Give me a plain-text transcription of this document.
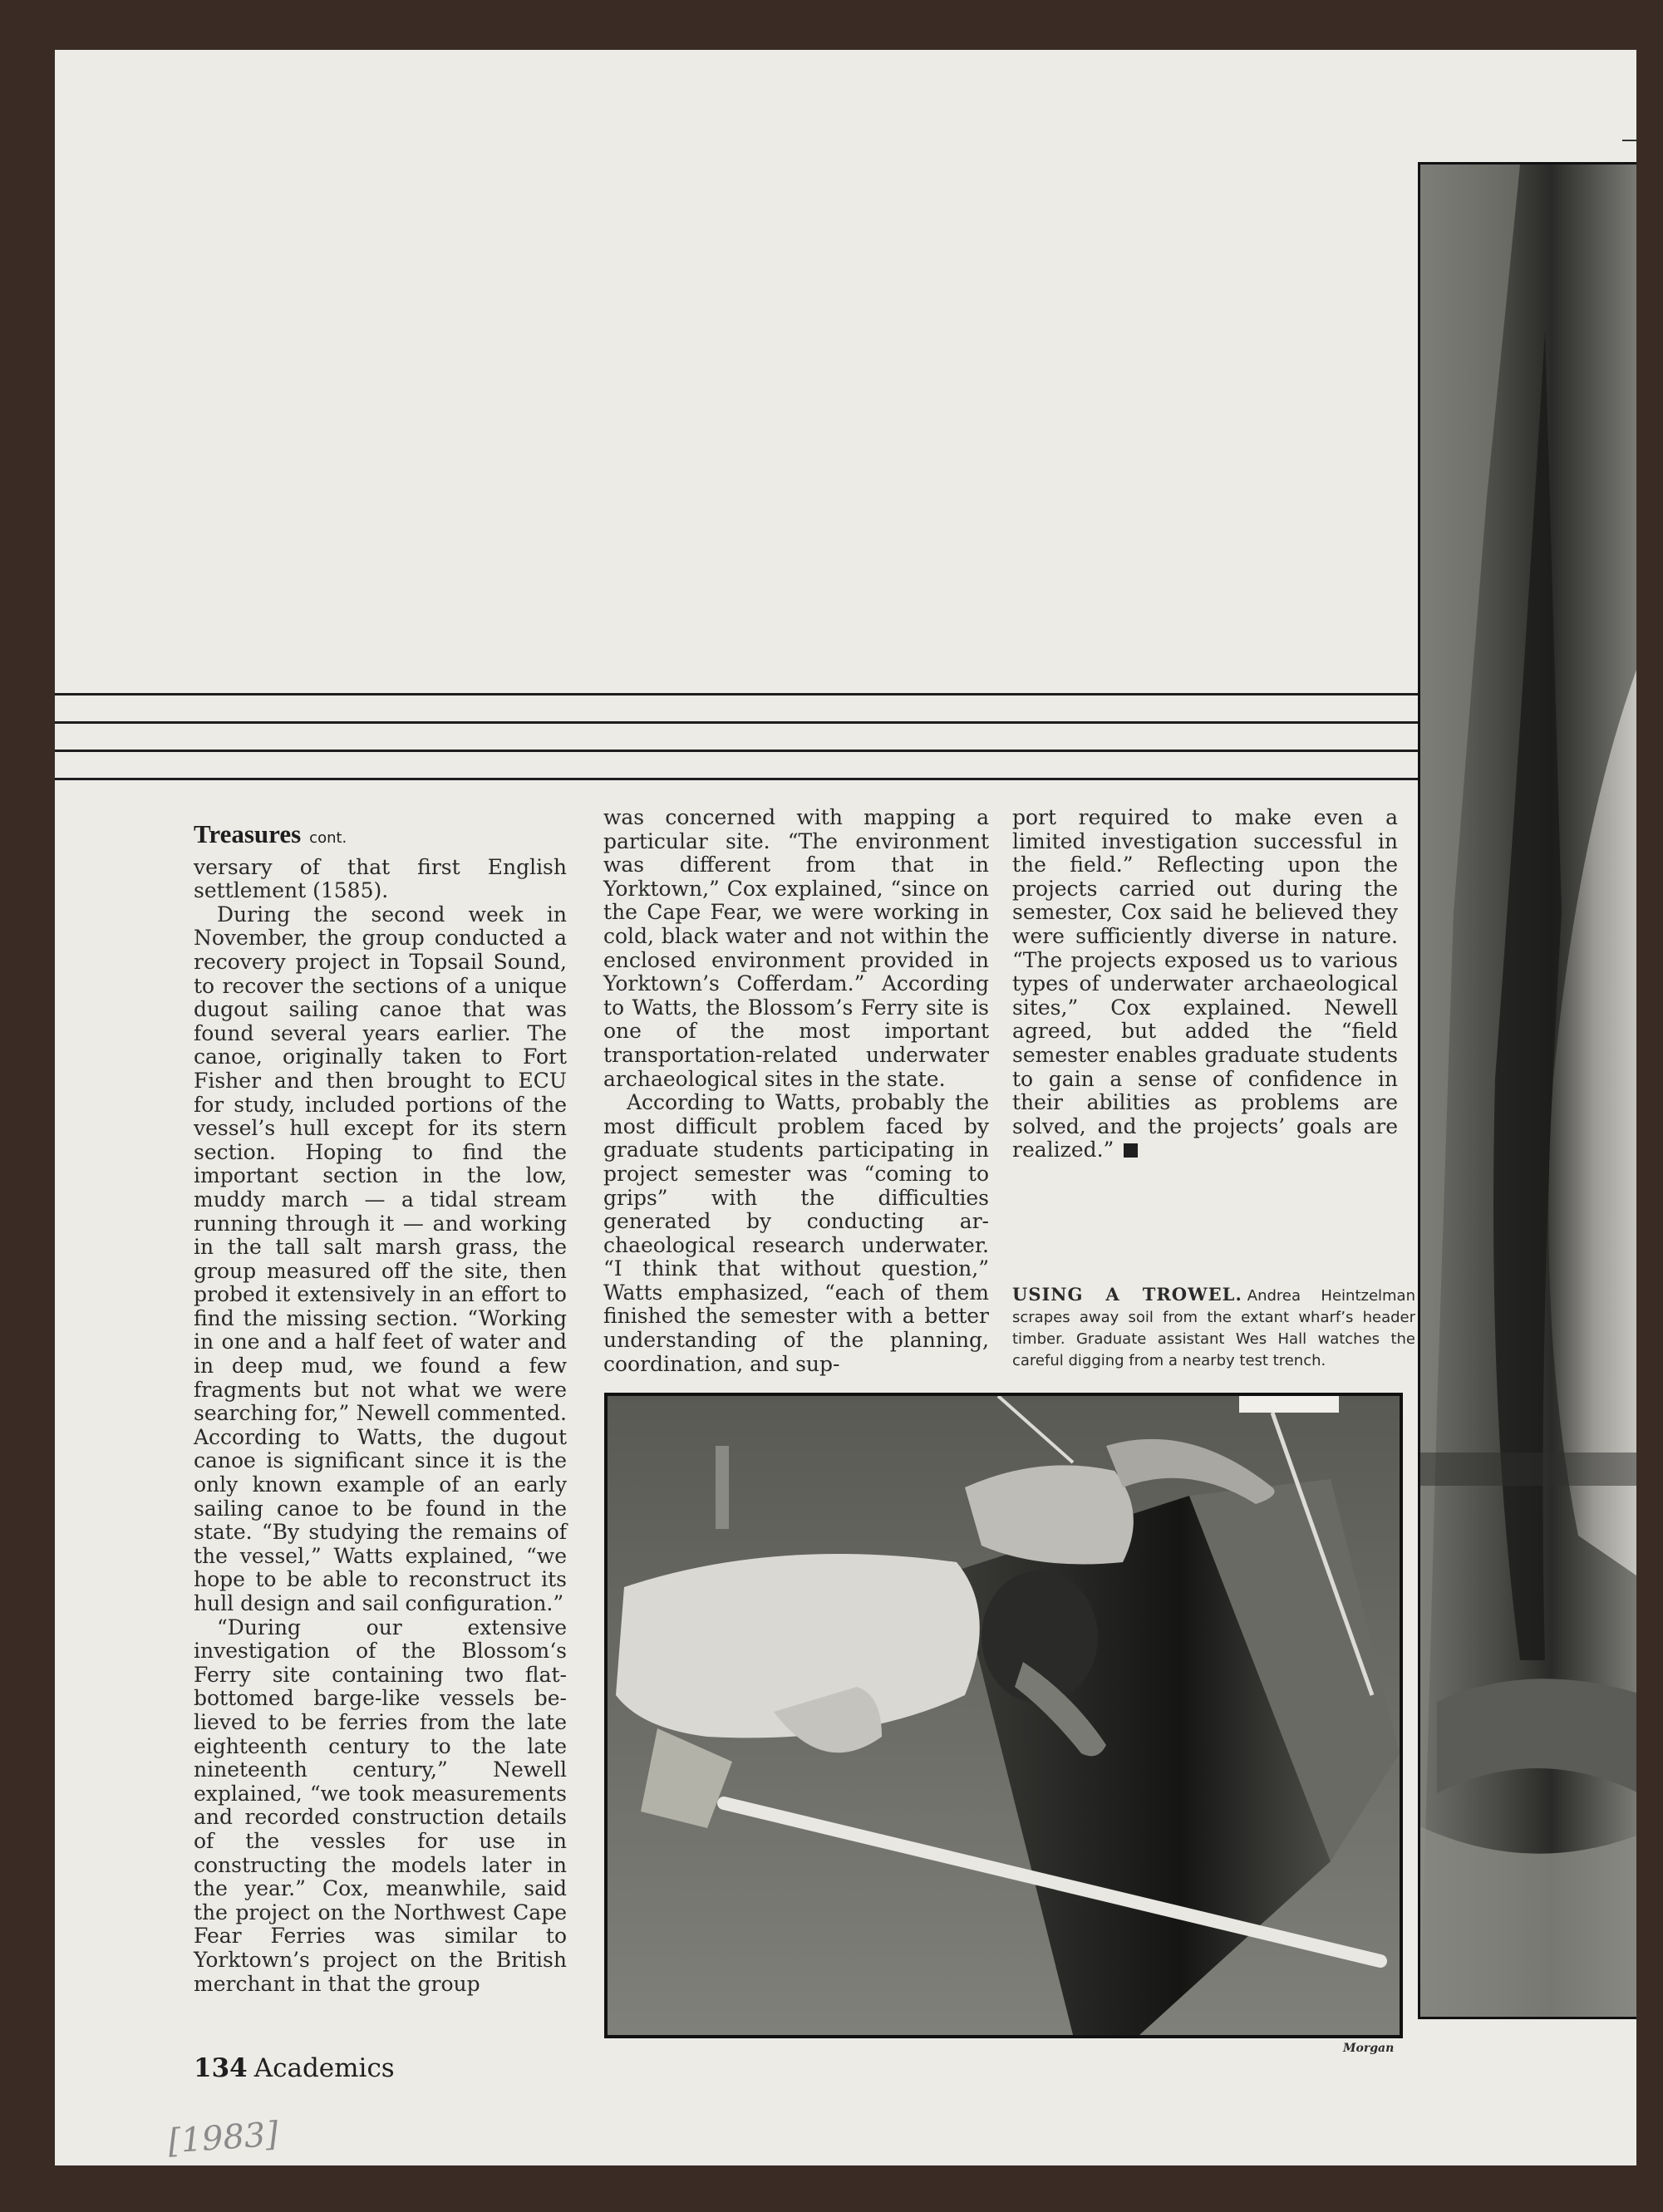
Treasures cont.

versary of that first English settlement (1585).

During the second week in November, the group conducted a recovery project in Topsail Sound, to recover the sections of a unique dugout sailing canoe that was found several years earlier. The canoe, originally taken to Fort Fisher and then brought to ECU for study, included portions of the vessel’s hull except for its stern section. Hoping to find the important section in the low, muddy march — a tidal stream running through it — and working in the tall salt marsh grass, the group measured off the site, then probed it extensively in an effort to find the missing section. “Working in one and a half feet of water and in deep mud, we found a few fragments but not what we were searching for,” Newell commented. According to Watts, the dugout canoe is significant since it is the only known example of an early sailing canoe to be found in the state. “By studying the remains of the vessel,” Watts explained, “we hope to be able to reconstruct its hull design and sail configuration.”

“During our extensive investigation of the Blossom‘s Ferry site containing two flat-bottomed barge-like vessels believed to be ferries from the late eighteenth century to the late nineteenth century,” Newell explained, “we took measurements and recorded construction details of the vessles for use in constructing the models later in the year.” Cox, meanwhile, said the project on the Northwest Cape Fear Ferries was similar to Yorktown’s project on the British merchant in that the group

was concerned with mapping a particular site. “The environment was different from that in Yorktown,” Cox explained, “since on the Cape Fear, we were working in cold, black water and not within the enclosed environment provided in Yorktown’s Cofferdam.” According to Watts, the Blossom’s Ferry site is one of the most important transportation-related underwater archaeological sites in the state.

According to Watts, probably the most difficult problem faced by graduate students participating in project semester was “coming to grips” with the difficulties generated by conducting archaeological research underwater. “I think that without question,” Watts emphasized, “each of them finished the semester with a better understanding of the planning, coordination, and sup-

port required to make even a limited investigation successful in the field.” Reflecting upon the projects carried out during the semester, Cox said he believed they were sufficiently diverse in nature. “The projects exposed us to various types of underwater archaeological sites,” Cox explained. Newell agreed, but added the “field semester enables graduate students to gain a sense of confidence in their abilities as problems are solved, and the projects’ goals are realized.”

USING A TROWEL. Andrea Heintzelman scrapes away soil from the extant wharf’s header timber. Graduate assistant Wes Hall watches the careful digging from a nearby test trench.
Morgan
134 Academics
[1983]
